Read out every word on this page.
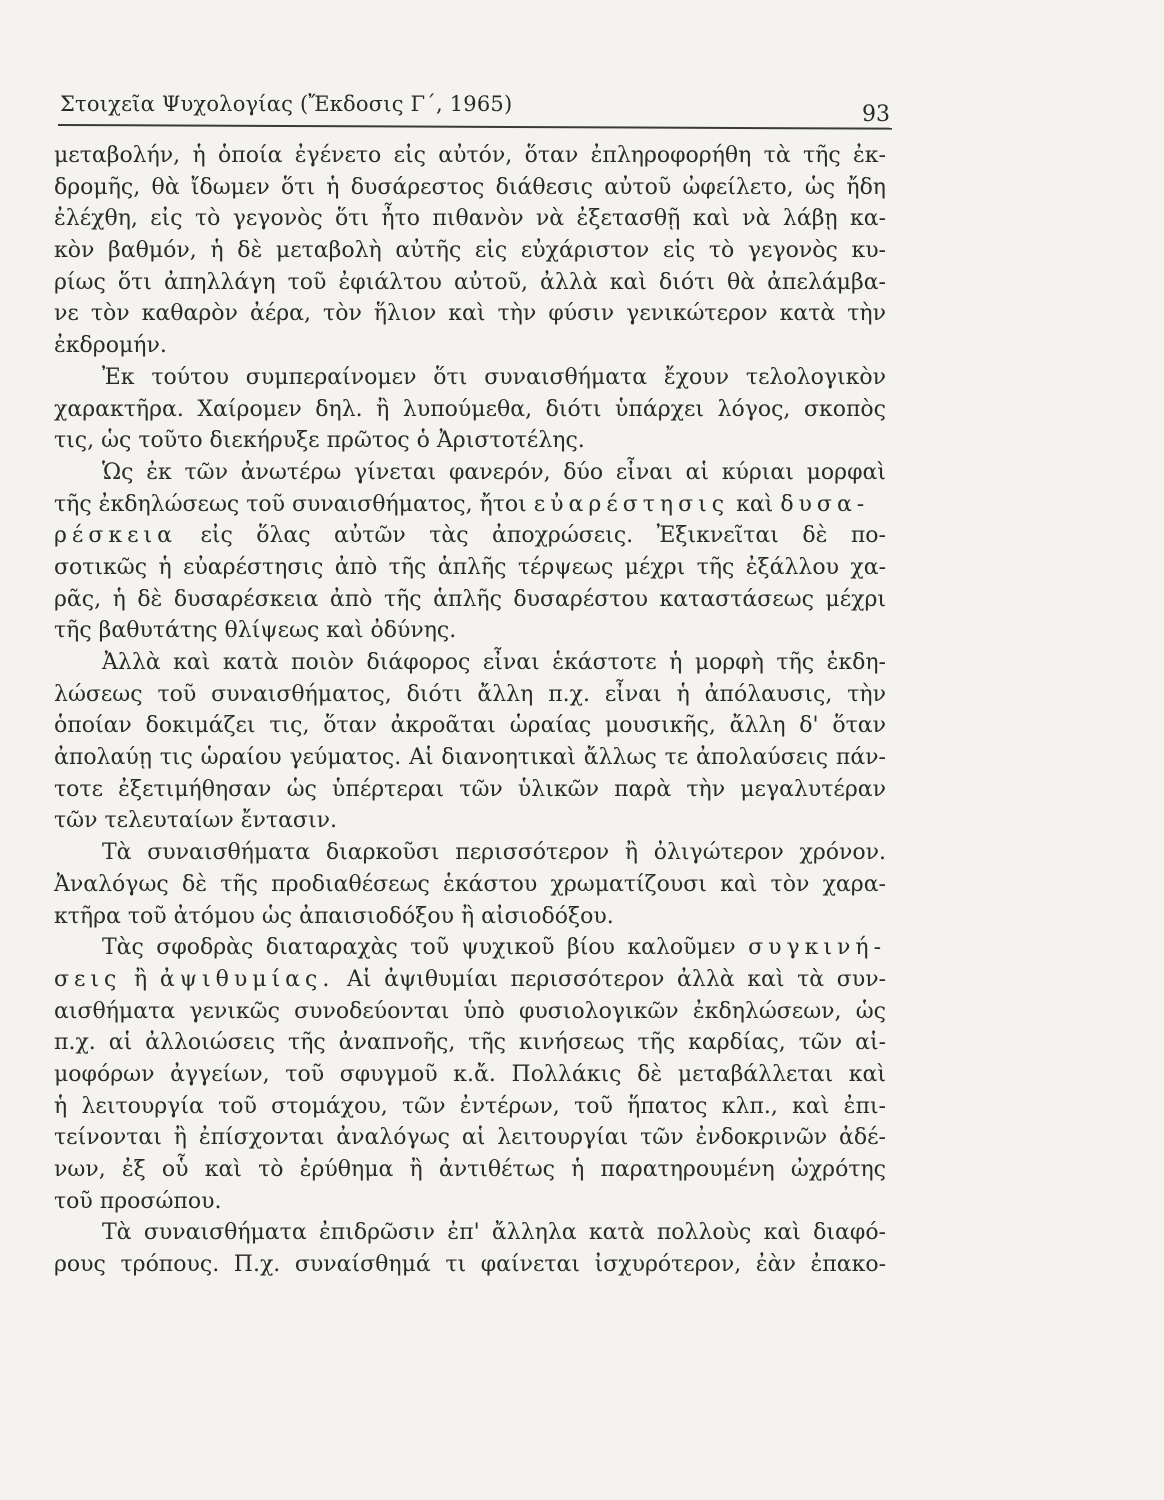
Στοιχεῖα Ψυχολογίας (Ἔκδοσις Γ΄, 1965)	93
μεταβολήν, ἡ ὁποία ἐγένετο εἰς αὐτόν, ὅταν ἐπληροφορήθη τὰ τῆς ἐκ-
δρομῆς, θὰ ἴδωμεν ὅτι ἡ δυσάρεστος διάθεσις αὐτοῦ ὠφείλετο, ὡς ἤδη
ἐλέχθη, εἰς τὸ γεγονὸς ὅτι ἦτο πιθανὸν νὰ ἐξετασθῇ καὶ νὰ λάβῃ κα-
κὸν βαθμόν, ἡ δὲ μεταβολὴ αὐτῆς εἰς εὐχάριστον εἰς τὸ γεγονὸς κυ-
ρίως ὅτι ἀπηλλάγη τοῦ ἐφιάλτου αὐτοῦ, ἀλλὰ καὶ διότι θὰ ἀπελάμβα-
νε τὸν καθαρὸν ἀέρα, τὸν ἥλιον καὶ τὴν φύσιν γενικώτερον κατὰ τὴν
ἐκδρομήν.
Ἐκ τούτου συμπεραίνομεν ὅτι συναισθήματα ἔχουν τελολογικὸν
χαρακτῆρα. Χαίρομεν δηλ. ἢ λυπούμεθα, διότι ὑπάρχει λόγος, σκοπὸς
τις, ὡς τοῦτο διεκήρυξε πρῶτος ὁ Ἀριστοτέλης.
Ὡς ἐκ τῶν ἀνωτέρω γίνεται φανερόν, δύο εἶναι αἱ κύριαι μορφαὶ
τῆς ἐκδηλώσεως τοῦ συναισθήματος, ἤτοι εὐαρέστησις καὶ δυσα-
ρέσκεια εἰς ὅλας αὐτῶν τὰς ἀποχρώσεις. Ἐξικνεῖται δὲ πο-
σοτικῶς ἡ εὐαρέστησις ἀπὸ τῆς ἁπλῆς τέρψεως μέχρι τῆς ἐξάλλου χα-
ρᾶς, ἡ δὲ δυσαρέσκεια ἀπὸ τῆς ἁπλῆς δυσαρέστου καταστάσεως μέχρι
τῆς βαθυτάτης θλίψεως καὶ ὀδύνης.
Ἀλλὰ καὶ κατὰ ποιὸν διάφορος εἶναι ἑκάστοτε ἡ μορφὴ τῆς ἐκδη-
λώσεως τοῦ συναισθήματος, διότι ἄλλη π.χ. εἶναι ἡ ἀπόλαυσις, τὴν
ὁποίαν δοκιμάζει τις, ὅταν ἀκροᾶται ὡραίας μουσικῆς, ἄλλη δ' ὅταν
ἀπολαύῃ τις ὡραίου γεύματος. Αἱ διανοητικαὶ ἄλλως τε ἀπολαύσεις πάν-
τοτε ἐξετιμήθησαν ὡς ὑπέρτεραι τῶν ὑλικῶν παρὰ τὴν μεγαλυτέραν
τῶν τελευταίων ἔντασιν.
Τὰ συναισθήματα διαρκοῦσι περισσότερον ἢ ὀλιγώτερον χρόνον.
Ἀναλόγως δὲ τῆς προδιαθέσεως ἑκάστου χρωματίζουσι καὶ τὸν χαρα-
κτῆρα τοῦ ἀτόμου ὡς ἀπαισιοδόξου ἢ αἰσιοδόξου.
Τὰς σφοδρὰς διαταραχὰς τοῦ ψυχικοῦ βίου καλοῦμεν συγκινή-
σεις ἢ ἀψιθυμίας. Αἱ ἀψιθυμίαι περισσότερον ἀλλὰ καὶ τὰ συν-
αισθήματα γενικῶς συνοδεύονται ὑπὸ φυσιολογικῶν ἐκδηλώσεων, ὡς
π.χ. αἱ ἀλλοιώσεις τῆς ἀναπνοῆς, τῆς κινήσεως τῆς καρδίας, τῶν αἱ-
μοφόρων ἀγγείων, τοῦ σφυγμοῦ κ.ἄ. Πολλάκις δὲ μεταβάλλεται καὶ
ἡ λειτουργία τοῦ στομάχου, τῶν ἐντέρων, τοῦ ἥπατος κλπ., καὶ ἐπι-
τείνονται ἢ ἐπίσχονται ἀναλόγως αἱ λειτουργίαι τῶν ἐνδοκρινῶν ἀδέ-
νων, ἐξ οὗ καὶ τὸ ἐρύθημα ἢ ἀντιθέτως ἡ παρατηρουμένη ὠχρότης
τοῦ προσώπου.
Τὰ συναισθήματα ἐπιδρῶσιν ἐπ' ἄλληλα κατὰ πολλοὺς καὶ διαφό-
ρους τρόπους. Π.χ. συναίσθημά τι φαίνεται ἰσχυρότερον, ἐὰν ἐπακο-
